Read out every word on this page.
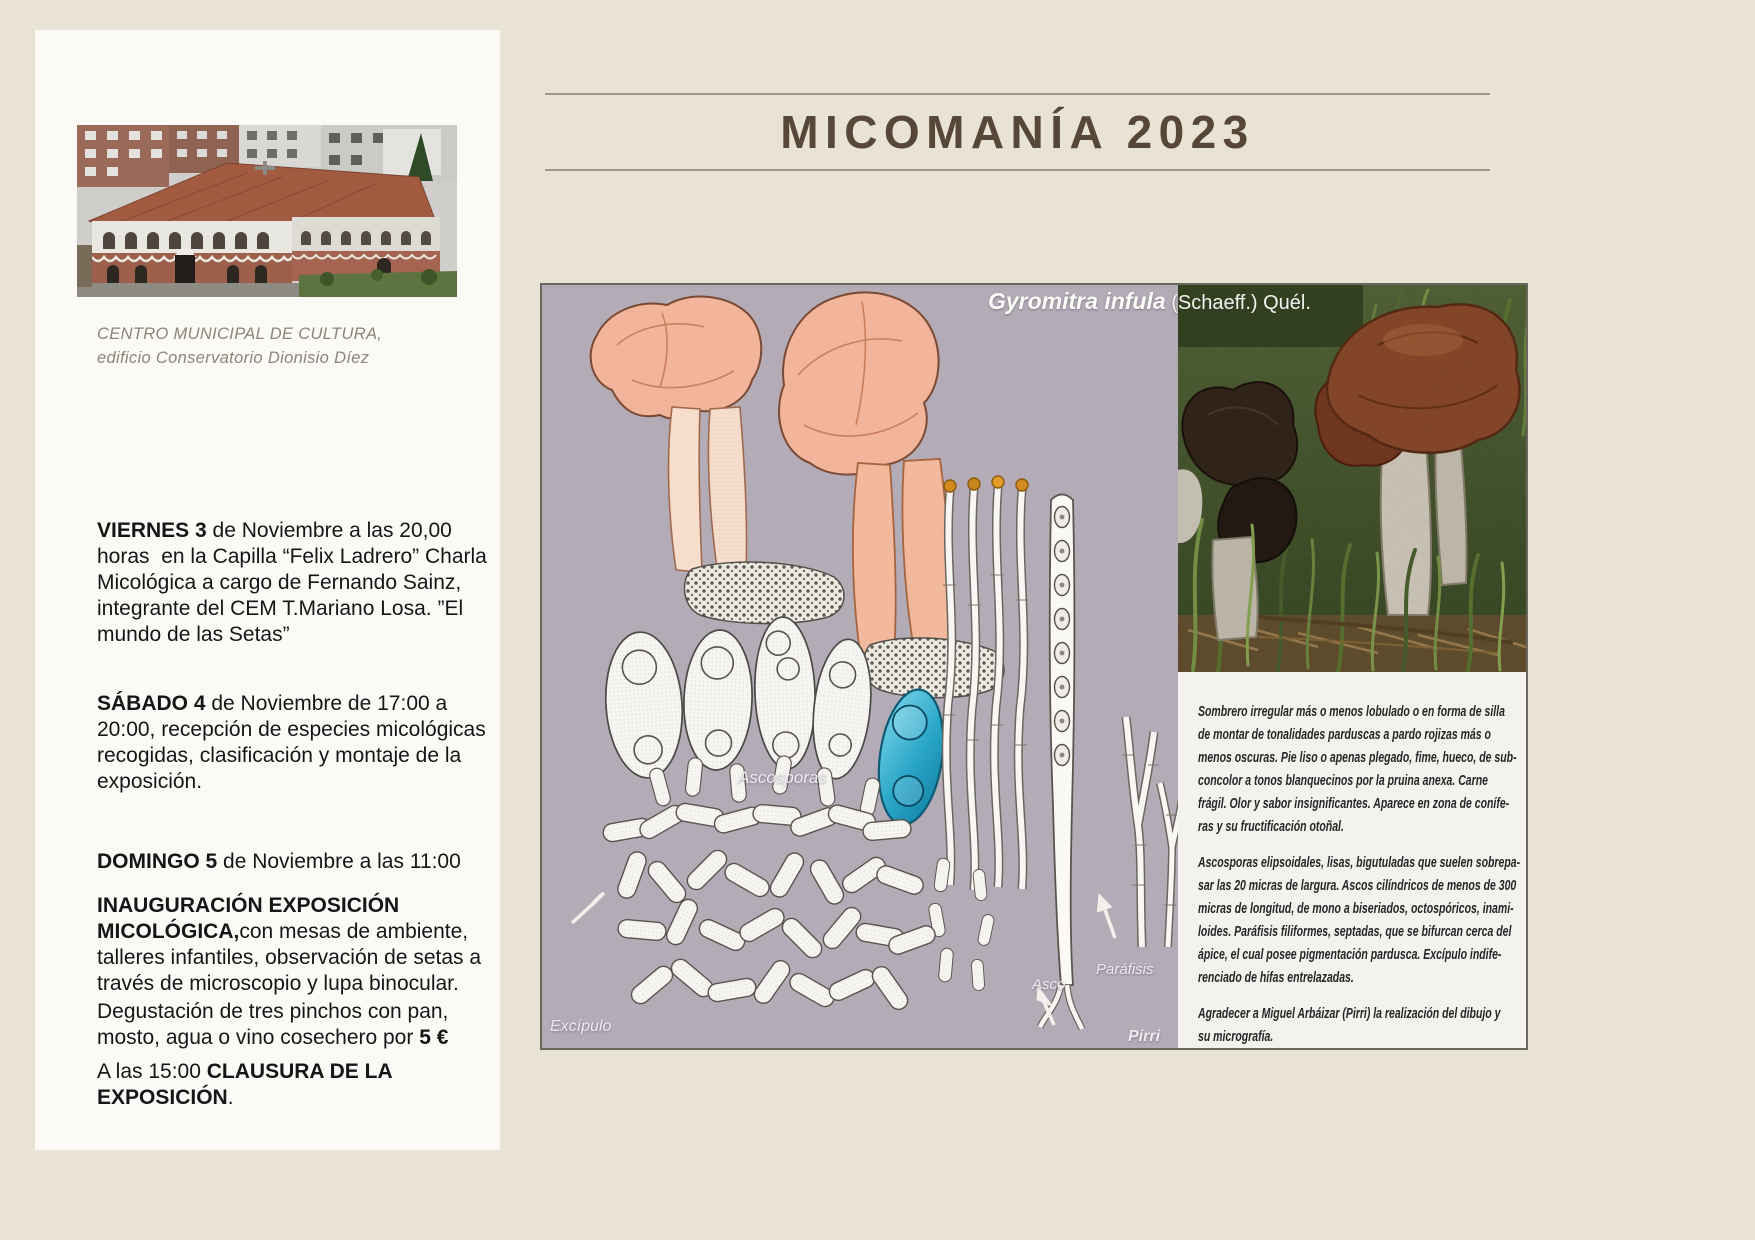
CENTRO MUNICIPAL DE CULTURA,
edificio Conservatorio Dionisio Díez

VIERNES 3 de Noviembre a las 20,00 horas  en la Capilla “Felix Ladrero” Charla Micológica a cargo de Fernando Sainz, integrante del CEM T.Mariano Losa. ”El mundo de las Setas”

SÁBADO 4 de Noviembre de 17:00 a 20:00, recepción de especies micológicas recogidas, clasificación y montaje de la exposición.

DOMINGO 5 de Noviembre a las 11:00

INAUGURACIÓN EXPOSICIÓN MICOLÓGICA,con mesas de ambiente, talleres infantiles, observación de setas a través de microscopio y lupa binocular.

Degustación de tres pinchos con pan, mosto, agua o vino cosechero por 5 €

A las 15:00 CLAUSURA DE LA EXPOSICIÓN.

MICOMANÍA 2023
Sombrero irregular más o menos lobulado o en forma de silla
de montar de tonalidades parduscas a pardo rojizas más o
menos oscuras. Pie liso o apenas plegado, fime, hueco, de sub-
concolor a tonos blanquecinos por la pruina anexa. Carne
frágil. Olor y sabor insignificantes. Aparece en zona de conífe-
ras y su fructificación otoñal.
Ascosporas elipsoidales, lisas, bigutuladas que suelen sobrepa-
sar las 20 micras de largura. Ascos cilíndricos de menos de 300
micras de longitud, de mono a biseriados, octospóricos, inami-
loides. Paráfisis filiformes, septadas, que se bifurcan cerca del
ápice, el cual posee pigmentación pardusca. Excípulo indife-
renciado de hifas entrelazadas.
Agradecer a Miguel Arbáizar (Pirri) la realización del dibujo y
su micrografía.
Gyromitra infula (Schaeff.) Quél.
Ascosporas
Excípulo
Asco
Paráfisis
Pirri
